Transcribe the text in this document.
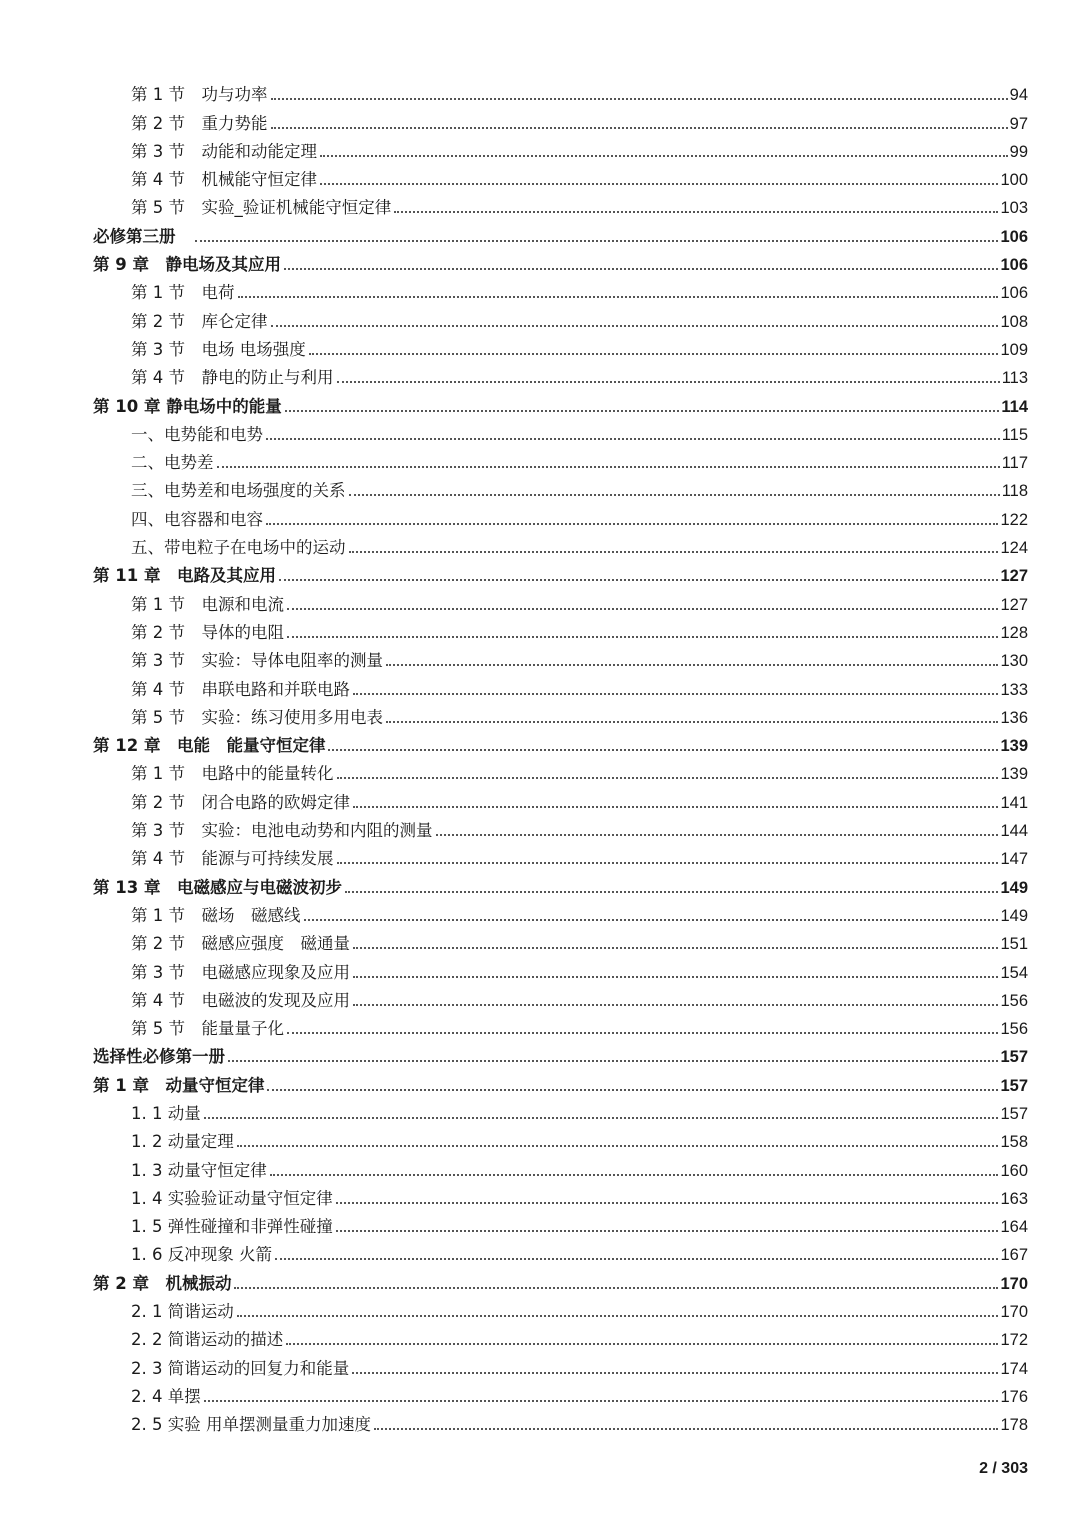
第 1 节　功与功率	94
第 2 节　重力势能	97
第 3 节　动能和动能定理	99
第 4 节　机械能守恒定律	100
第 5 节　实验_验证机械能守恒定律	103
必修第三册　	106
第 9 章　静电场及其应用	106
第 1 节　电荷	106
第 2 节　库仑定律	108
第 3 节　电场 电场强度	109
第 4 节　静电的防止与利用	113
第 10 章 静电场中的能量	114
一、电势能和电势	115
二、电势差	117
三、电势差和电场强度的关系	118
四、电容器和电容	122
五、带电粒子在电场中的运动	124
第 11 章　电路及其应用	127
第 1 节　电源和电流	127
第 2 节　导体的电阻	128
第 3 节　实验：导体电阻率的测量	130
第 4 节　串联电路和并联电路	133
第 5 节　实验：练习使用多用电表	136
第 12 章　电能　能量守恒定律	139
第 1 节　电路中的能量转化	139
第 2 节　闭合电路的欧姆定律	141
第 3 节　实验：电池电动势和内阻的测量	144
第 4 节　能源与可持续发展	147
第 13 章　电磁感应与电磁波初步	149
第 1 节　磁场　磁感线	149
第 2 节　磁感应强度　磁通量	151
第 3 节　电磁感应现象及应用	154
第 4 节　电磁波的发现及应用	156
第 5 节　能量量子化	156
选择性必修第一册	157
第 1 章　动量守恒定律	157
1. 1 动量	157
1. 2 动量定理	158
1. 3 动量守恒定律	160
1. 4 实验验证动量守恒定律	163
1. 5 弹性碰撞和非弹性碰撞	164
1. 6 反冲现象 火箭	167
第 2 章　机械振动	170
2. 1 简谐运动	170
2. 2 简谐运动的描述	172
2. 3 简谐运动的回复力和能量	174
2. 4 单摆	176
2. 5 实验 用单摆测量重力加速度	178
2 / 303
